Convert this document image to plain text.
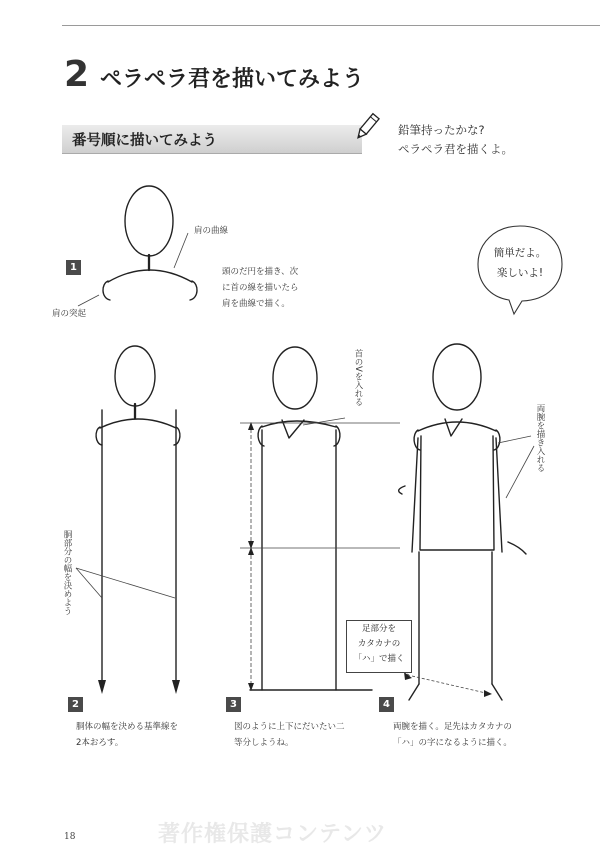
2 ペラペラ君を描いてみよう
番号順に描いてみよう
鉛筆持ったかな?
ペラペラ君を描くよ。
簡単だよ。
楽しいよ!
1
肩の曲線
肩の突起
頭のだ円を描き、次
に首の線を描いたら
肩を曲線で描く。
胴部分の幅を決めよう
2
胴体の幅を決める基準線を
2本おろす。
首のVを入れる
3
図のように上下にだいたい二
等分しようね。
両腕を描き入れる
足部分を
カタカナの
「ハ」で描く
4
両腕を描く。足先はカタカナの
「ハ」の字になるように描く。
18	著作権保護コンテンツ
